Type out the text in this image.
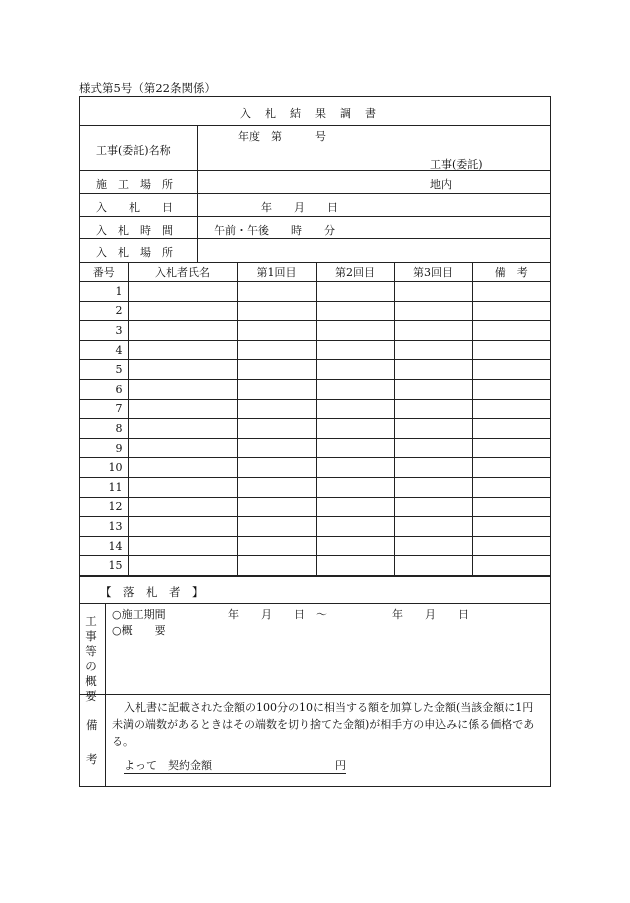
様式第5号（第22条関係）
入札結果調書
工事(委託)名称
年度　第　　　号
工事(委託)
施　工　場　所	地内
入　　札　　日	年　　月　　日
入　札　時　間	午前・午後　　時　　分
入　札　場　所
番号	入札者氏名	第1回目	第2回目	第3回目	備　考
1					
2					
3					
4					
5					
6					
7					
8					
9					
10					
11					
12					
13					
14					
15					
【　落　札　者　】
工
事
等
の
概
要
○施工期間	年　　月　　日　～	年　　月　　日
○概　　要
備
考
入札書に記載された金額の100分の10に相当する額を加算した金額(当該金額に1円未満の端数があるときはその端数を切り捨てた金額)が相手方の申込みに係る価格である。
よって　契約金額	円
